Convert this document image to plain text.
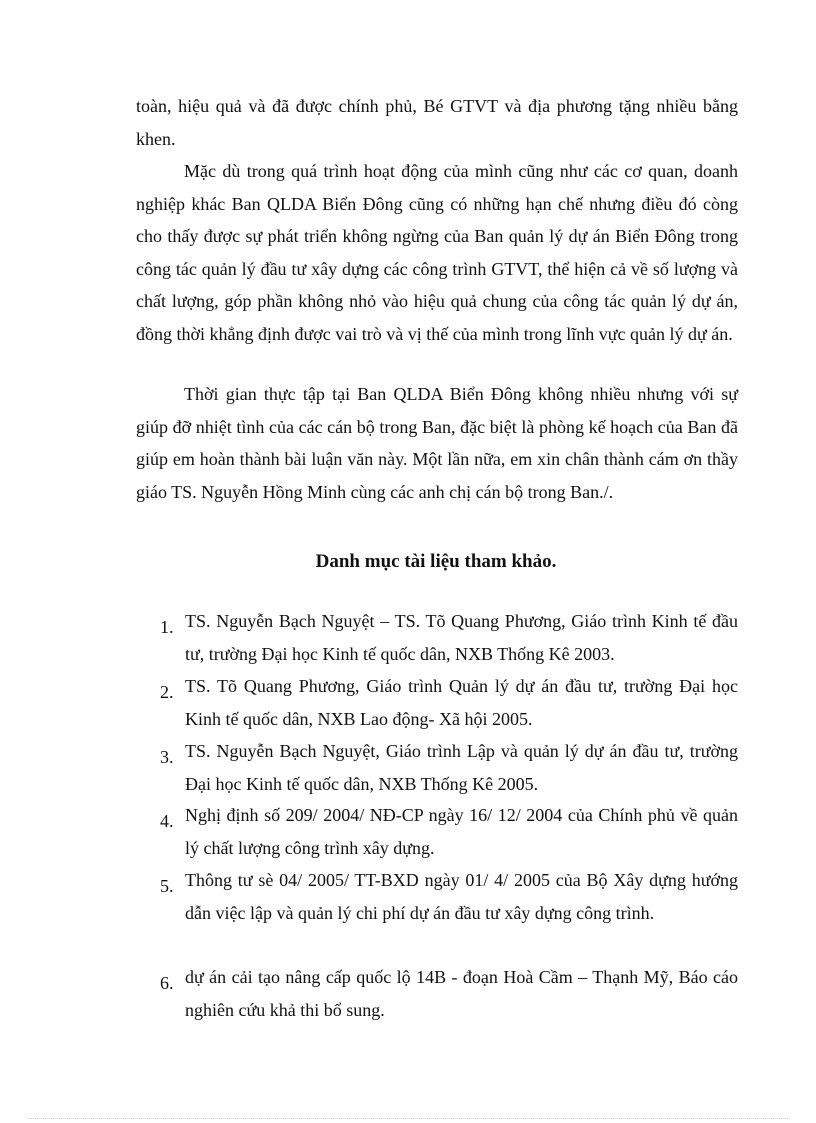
toàn, hiệu quả và đã được chính phủ, Bé GTVT và địa phương tặng nhiều bằng khen.

Mặc dù trong quá trình hoạt động của mình cũng như các cơ quan, doanh nghiệp khác Ban QLDA Biển Đông cũng có những hạn chế nhưng điều đó còng cho thấy được sự phát triển không ngừng của Ban quản lý dự án Biển Đông trong công tác quản lý đầu tư xây dựng các công trình GTVT, thể hiện cả về số lượng và chất lượng, góp phần không nhỏ vào hiệu quả chung của công tác quản lý dự án, đồng thời khẳng định được vai trò và vị thế của mình trong lĩnh vực quản lý dự án.

Thời gian thực tập tại Ban QLDA Biển Đông không nhiều nhưng với sự giúp đỡ nhiệt tình của các cán bộ trong Ban, đặc biệt là phòng kế hoạch của Ban đã giúp em hoàn thành bài luận văn này. Một lần nữa, em xin chân thành cám ơn thầy giáo TS. Nguyễn Hồng Minh cùng các anh chị cán bộ trong Ban./.

Danh mục tài liệu tham khảo.
1. TS. Nguyễn Bạch Nguyệt – TS. Tõ Quang Phương, Giáo trình Kinh tế đầu tư, trường Đại học Kinh tế quốc dân, NXB Thống Kê 2003.
2. TS. Tõ Quang Phương, Giáo trình Quản lý dự án đầu tư, trường Đại học Kinh tế quốc dân, NXB Lao động- Xã hội 2005.
3. TS. Nguyễn Bạch Nguyệt, Giáo trình Lập và quản lý dự án đầu tư, trường Đại học Kinh tế quốc dân, NXB Thống Kê 2005.
4. Nghị định số 209/ 2004/ NĐ-CP ngày 16/ 12/ 2004 của Chính phủ về quản lý chất lượng công trình xây dựng.
5. Thông tư sè 04/ 2005/ TT-BXD ngày 01/ 4/ 2005 của Bộ Xây dựng hướng dẫn việc lập và quản lý chi phí dự án đầu tư xây dựng công trình.
6. dự án cải tạo nâng cấp quốc lộ 14B - đoạn Hoà Cầm – Thạnh Mỹ, Báo cáo nghiên cứu khả thi bổ sung.
